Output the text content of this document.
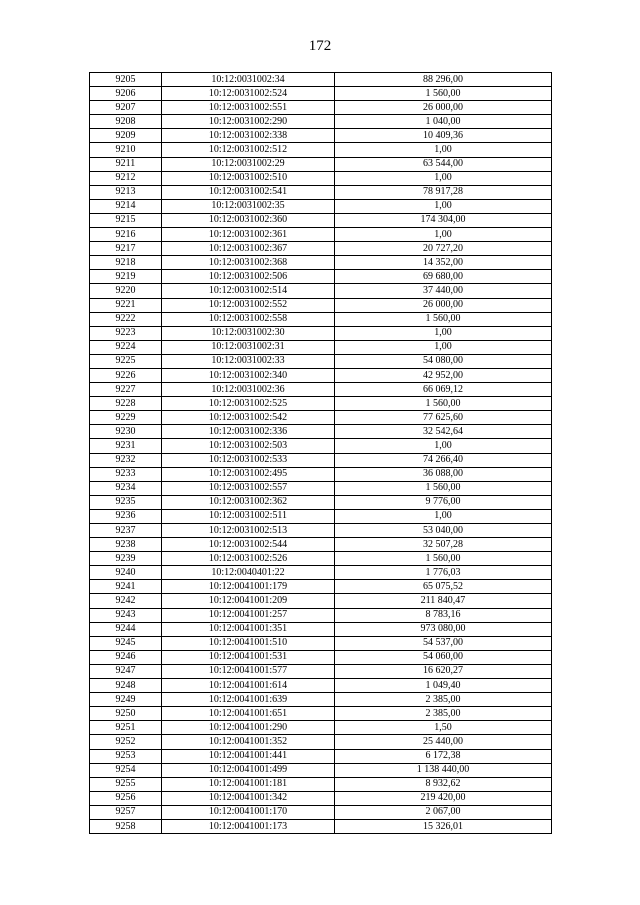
172
9205	10:12:0031002:34	88 296,00
9206	10:12:0031002:524	1 560,00
9207	10:12:0031002:551	26 000,00
9208	10:12:0031002:290	1 040,00
9209	10:12:0031002:338	10 409,36
9210	10:12:0031002:512	1,00
9211	10:12:0031002:29	63 544,00
9212	10:12:0031002:510	1,00
9213	10:12:0031002:541	78 917,28
9214	10:12:0031002:35	1,00
9215	10:12:0031002:360	174 304,00
9216	10:12:0031002:361	1,00
9217	10:12:0031002:367	20 727,20
9218	10:12:0031002:368	14 352,00
9219	10:12:0031002:506	69 680,00
9220	10:12:0031002:514	37 440,00
9221	10:12:0031002:552	26 000,00
9222	10:12:0031002:558	1 560,00
9223	10:12:0031002:30	1,00
9224	10:12:0031002:31	1,00
9225	10:12:0031002:33	54 080,00
9226	10:12:0031002:340	42 952,00
9227	10:12:0031002:36	66 069,12
9228	10:12:0031002:525	1 560,00
9229	10:12:0031002:542	77 625,60
9230	10:12:0031002:336	32 542,64
9231	10:12:0031002:503	1,00
9232	10:12:0031002:533	74 266,40
9233	10:12:0031002:495	36 088,00
9234	10:12:0031002:557	1 560,00
9235	10:12:0031002:362	9 776,00
9236	10:12:0031002:511	1,00
9237	10:12:0031002:513	53 040,00
9238	10:12:0031002:544	32 507,28
9239	10:12:0031002:526	1 560,00
9240	10:12:0040401:22	1 776,03
9241	10:12:0041001:179	65 075,52
9242	10:12:0041001:209	211 840,47
9243	10:12:0041001:257	8 783,16
9244	10:12:0041001:351	973 080,00
9245	10:12:0041001:510	54 537,00
9246	10:12:0041001:531	54 060,00
9247	10:12:0041001:577	16 620,27
9248	10:12:0041001:614	1 049,40
9249	10:12:0041001:639	2 385,00
9250	10:12:0041001:651	2 385,00
9251	10:12:0041001:290	1,50
9252	10:12:0041001:352	25 440,00
9253	10:12:0041001:441	6 172,38
9254	10:12:0041001:499	1 138 440,00
9255	10:12:0041001:181	8 932,62
9256	10:12:0041001:342	219 420,00
9257	10:12:0041001:170	2 067,00
9258	10:12:0041001:173	15 326,01
